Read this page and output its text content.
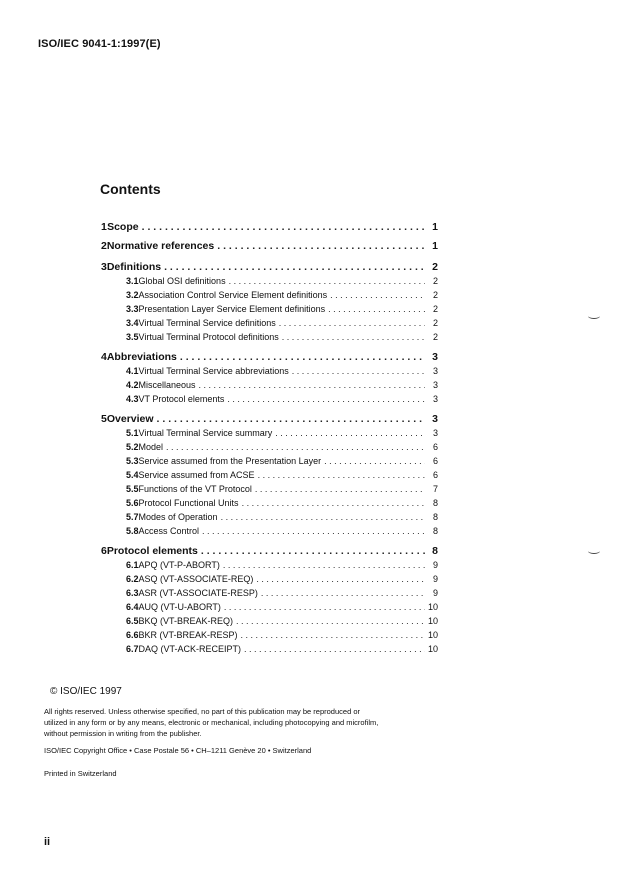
ISO/IEC 9041-1:1997(E)
Contents
1 Scope . . .	1
2 Normative references . . .	1
3 Definitions . . .	2
3.1 Global OSI definitions . . .	2
3.2 Association Control Service Element definitions . . .	2
3.3 Presentation Layer Service Element definitions . . .	2
3.4 Virtual Terminal Service definitions . . .	2
3.5 Virtual Terminal Protocol definitions . . .	2
4 Abbreviations . . .	3
4.1 Virtual Terminal Service abbreviations . . .	3
4.2 Miscellaneous . . .	3
4.3 VT Protocol elements . . .	3
5 Overview . . .	3
5.1 Virtual Terminal Service summary . . .	3
5.2 Model . . .	6
5.3 Service assumed from the Presentation Layer . . .	6
5.4 Service assumed from ACSE . . .	6
5.5 Functions of the VT Protocol . . .	7
5.6 Protocol Functional Units . . .	8
5.7 Modes of Operation . . .	8
5.8 Access Control . . .	8
6 Protocol elements . . .	8
6.1 APQ (VT-P-ABORT) . . .	9
6.2 ASQ (VT-ASSOCIATE-REQ) . . .	9
6.3 ASR (VT-ASSOCIATE-RESP) . . .	9
6.4 AUQ (VT-U-ABORT) . . .	10
6.5 BKQ (VT-BREAK-REQ) . . .	10
6.6 BKR (VT-BREAK-RESP) . . .	10
6.7 DAQ (VT-ACK-RECEIPT) . . .	10
© ISO/IEC 1997
All rights reserved. Unless otherwise specified, no part of this publication may be reproduced or utilized in any form or by any means, electronic or mechanical, including photocopying and microfilm, without permission in writing from the publisher.
ISO/IEC Copyright Office • Case Postale 56 • CH–1211 Genève 20 • Switzerland
Printed in Switzerland
ii
